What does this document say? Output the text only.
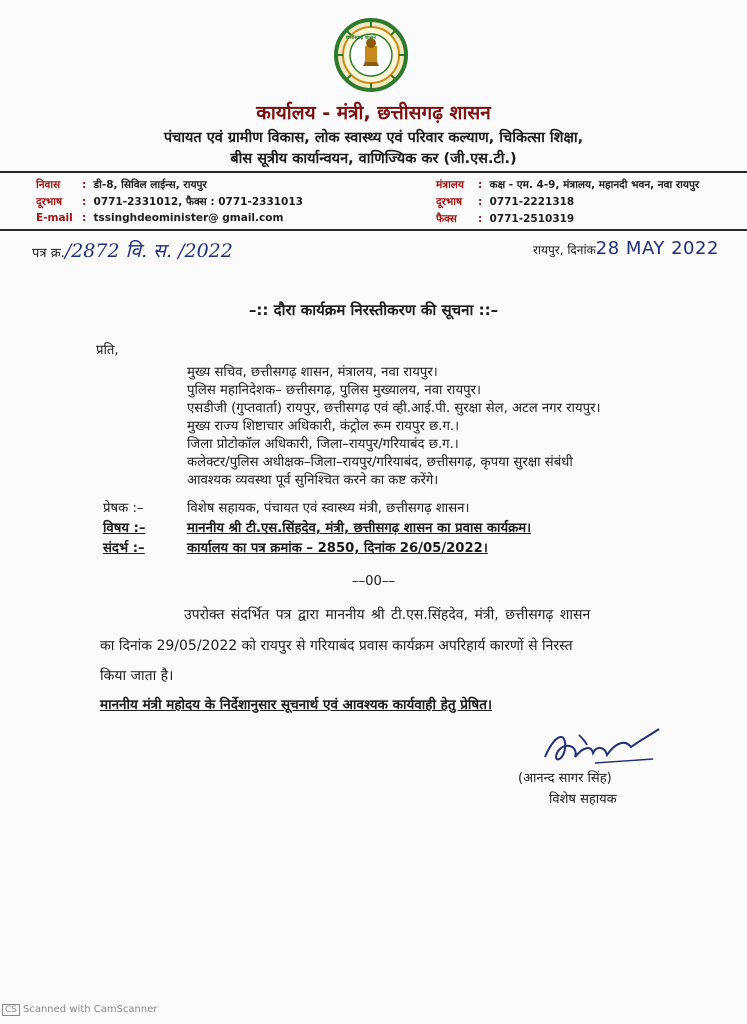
छत्तीसगढ़ शासन
कार्यालय - मंत्री, छत्तीसगढ़ शासन
पंचायत एवं ग्रामीण विकास, लोक स्वास्थ्य एवं परिवार कल्याण, चिकित्सा शिक्षा,
बीस सूत्रीय कार्यान्वयन, वाणिज्यिक कर (जी.एस.टी.)
निवास : डी-8, सिविल लाईन्स, रायपुर
दूरभाष : 0771-2331012, फैक्स : 0771-2331013
E-mail : tssinghdeominister@ gmail.com
मंत्रालय : कक्ष - एम. 4-9, मंत्रालय, महानदी भवन, नवा रायपुर
दूरभाष : 0771-2221318
फैक्स : 0771-2510319
पत्र क्र./2872 वि. स. /2022	रायपुर, दिनांक28 MAY 2022
–:: दौरा कार्यक्रम निरस्तीकरण की सूचना ::–
प्रति,
मुख्य सचिव, छत्तीसगढ़ शासन, मंत्रालय, नवा रायपुर।
पुलिस महानिदेशक– छत्तीसगढ़, पुलिस मुख्यालय, नवा रायपुर।
एसडीजी (गुप्तवार्ता) रायपुर, छत्तीसगढ़ एवं व्ही.आई.पी. सुरक्षा सेल, अटल नगर रायपुर।
मुख्य राज्य शिष्टाचार अधिकारी, कंट्रोल रूम रायपुर छ.ग.।
जिला प्रोटोकॉल अधिकारी, जिला–रायपुर/गरियाबंद छ.ग.।
कलेक्टर/पुलिस अधीक्षक–जिला–रायपुर/गरियाबंद, छत्तीसगढ़, कृपया सुरक्षा संबंधी
आवश्यक व्यवस्था पूर्व सुनिश्चित करने का कष्ट करेंगे।
प्रेषक :–	विशेष सहायक, पंचायत एवं स्वास्थ्य मंत्री, छत्तीसगढ़ शासन।
विषय :–	माननीय श्री टी.एस.सिंहदेव, मंत्री, छत्तीसगढ़ शासन का प्रवास कार्यक्रम।
संदर्भ :–	कार्यालय का पत्र क्रमांक – 2850, दिनांक 26/05/2022।
––00––
उपरोक्त संदर्भित पत्र द्वारा माननीय श्री टी.एस.सिंहदेव, मंत्री, छत्तीसगढ़ शासन
का दिनांक 29/05/2022 को रायपुर से गरियाबंद प्रवास कार्यक्रम अपरिहार्य कारणों से निरस्त
किया जाता है।
माननीय मंत्री महोदय के निर्देशानुसार सूचनार्थ एवं आवश्यक कार्यवाही हेतु प्रेषित।
(आनन्द सागर सिंह)
विशेष सहायक
CS Scanned with CamScanner
